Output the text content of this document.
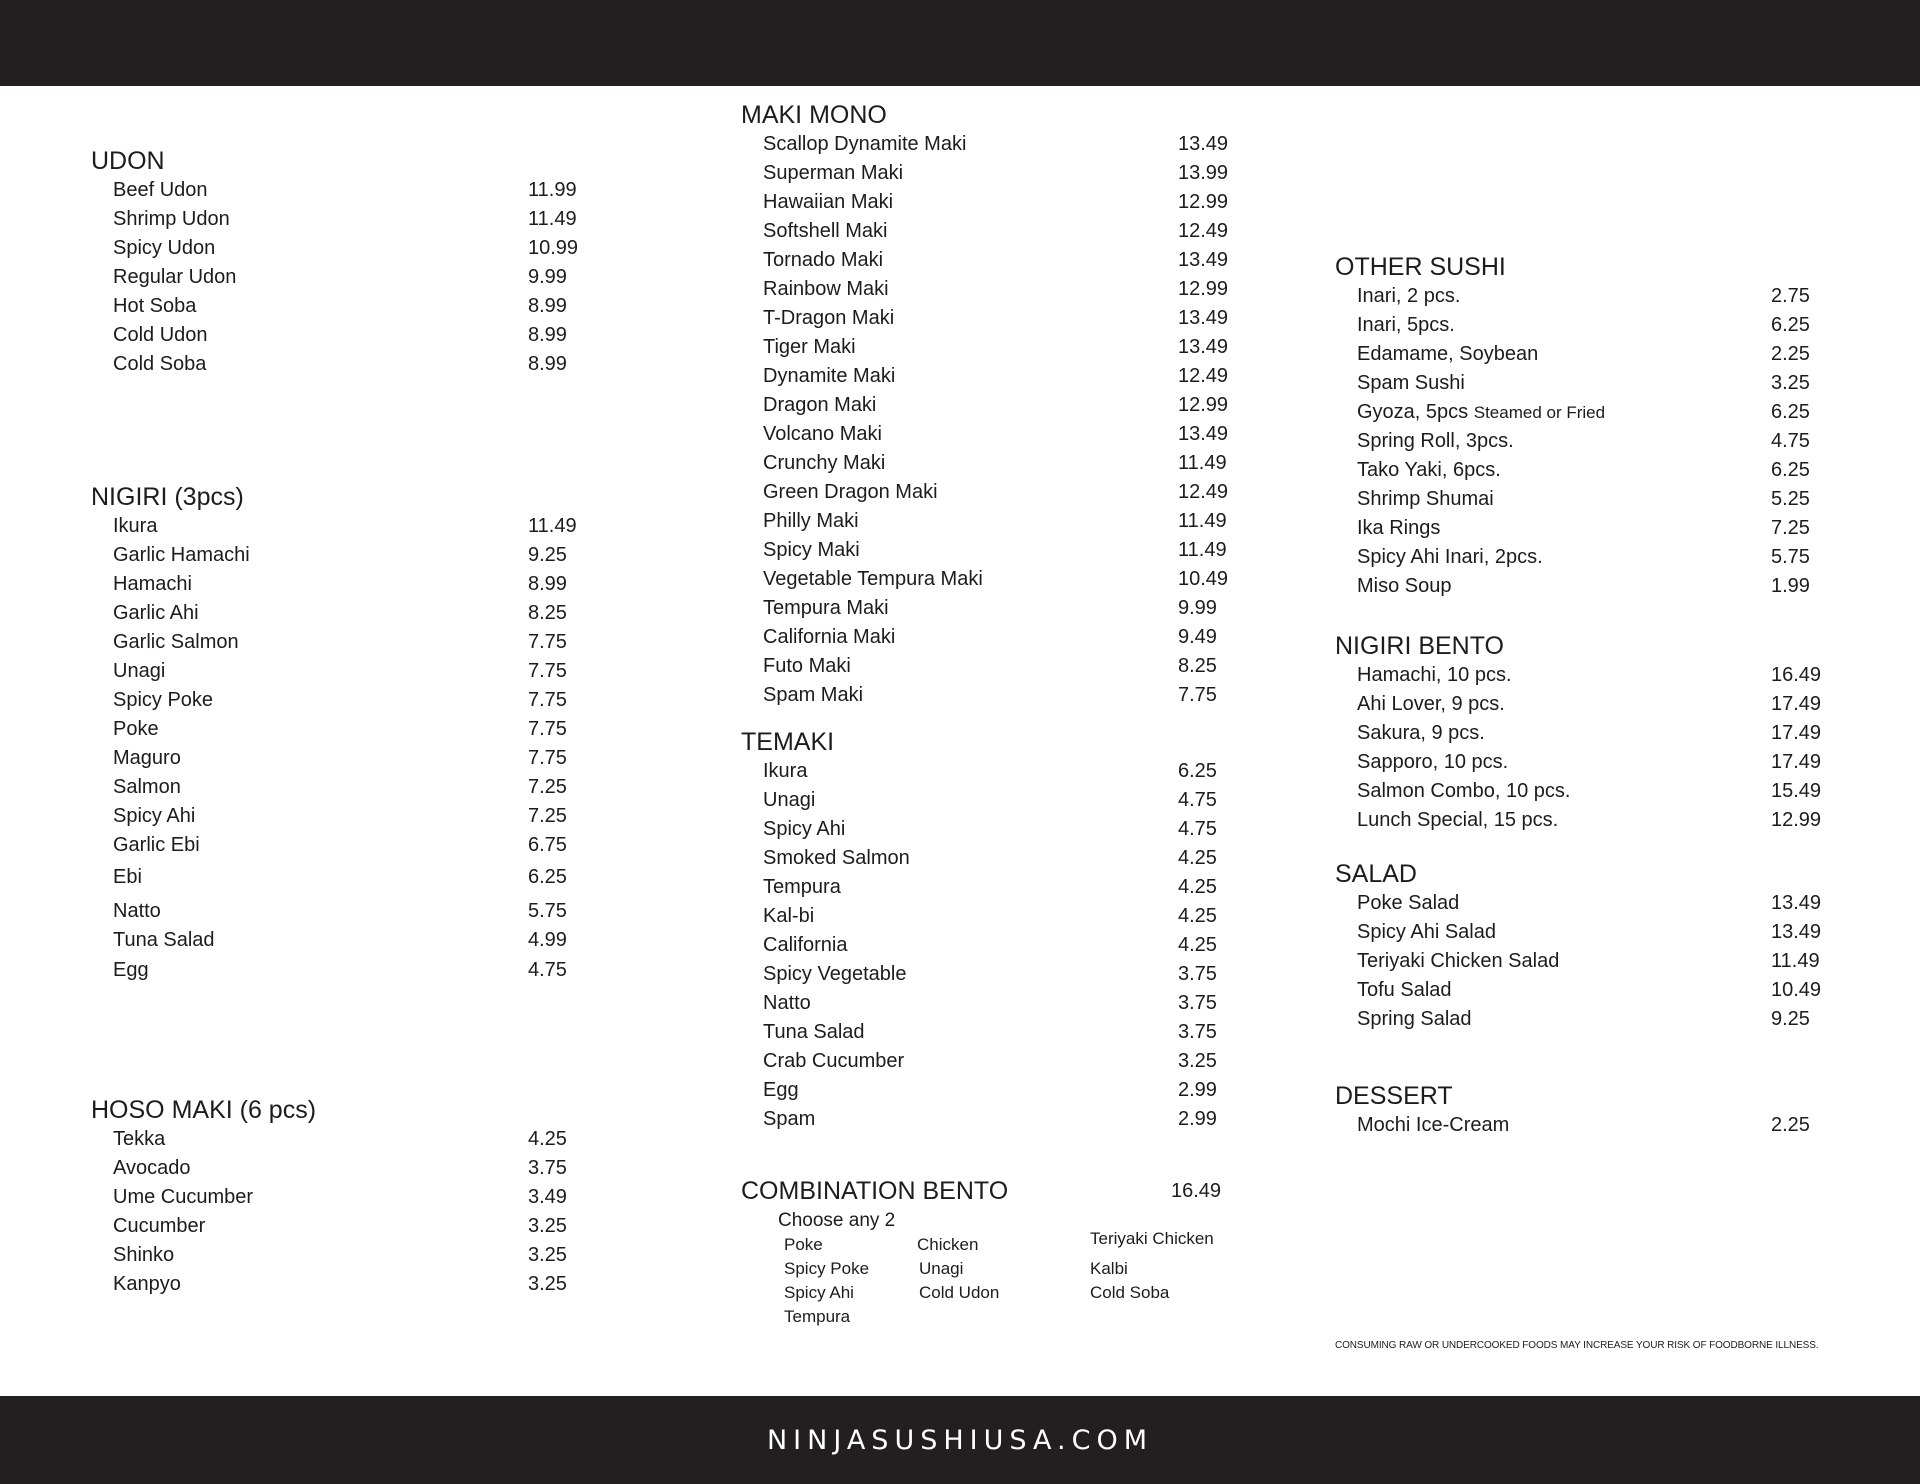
UDON
Beef Udon	11.99
Shrimp Udon	11.49
Spicy Udon	10.99
Regular Udon	9.99
Hot Soba	8.99
Cold Udon	8.99
Cold Soba	8.99
NIGIRI (3pcs)
Ikura	11.49
Garlic Hamachi	9.25
Hamachi	8.99
Garlic Ahi	8.25
Garlic Salmon	7.75
Unagi	7.75
Spicy Poke	7.75
Poke	7.75
Maguro	7.75
Salmon	7.25
Spicy Ahi	7.25
Garlic Ebi	6.75
Ebi	6.25
Natto	5.75
Tuna Salad	4.99
Egg	4.75
HOSO MAKI (6 pcs)
Tekka	4.25
Avocado	3.75
Ume Cucumber	3.49
Cucumber	3.25
Shinko	3.25
Kanpyo	3.25
MAKI MONO
Scallop Dynamite Maki	13.49
Superman Maki	13.99
Hawaiian Maki	12.99
Softshell Maki	12.49
Tornado Maki	13.49
Rainbow Maki	12.99
T-Dragon Maki	13.49
Tiger Maki	13.49
Dynamite Maki	12.49
Dragon Maki	12.99
Volcano Maki	13.49
Crunchy Maki	11.49
Green Dragon Maki	12.49
Philly Maki	11.49
Spicy Maki	11.49
Vegetable Tempura Maki	10.49
Tempura Maki	9.99
California Maki	9.49
Futo Maki	8.25
Spam Maki	7.75
TEMAKI
Ikura	6.25
Unagi	4.75
Spicy Ahi	4.75
Smoked Salmon	4.25
Tempura	4.25
Kal-bi	4.25
California	4.25
Spicy Vegetable	3.75
Natto	3.75
Tuna Salad	3.75
Crab Cucumber	3.25
Egg	2.99
Spam	2.99
COMBINATION BENTO	16.49
Choose any 2
Poke
Spicy Poke
Spicy Ahi
Tempura
Chicken
Unagi
Cold Udon
Teriyaki Chicken
Kalbi
Cold Soba
OTHER SUSHI
Inari, 2 pcs.	2.75
Inari, 5pcs.	6.25
Edamame, Soybean	2.25
Spam Sushi	3.25
Gyoza, 5pcs Steamed or Fried	6.25
Spring Roll, 3pcs.	4.75
Tako Yaki, 6pcs.	6.25
Shrimp Shumai	5.25
Ika Rings	7.25
Spicy Ahi Inari, 2pcs.	5.75
Miso Soup	1.99
NIGIRI BENTO
Hamachi, 10 pcs.	16.49
Ahi Lover, 9 pcs.	17.49
Sakura, 9 pcs.	17.49
Sapporo, 10 pcs.	17.49
Salmon Combo, 10 pcs.	15.49
Lunch Special, 15 pcs.	12.99
SALAD
Poke Salad	13.49
Spicy Ahi Salad	13.49
Teriyaki Chicken Salad	11.49
Tofu Salad	10.49
Spring Salad	9.25
DESSERT
Mochi Ice-Cream	2.25
CONSUMING RAW OR UNDERCOOKED FOODS MAY INCREASE YOUR RISK OF FOODBORNE ILLNESS.
NINJASUSHIUSA.COM
